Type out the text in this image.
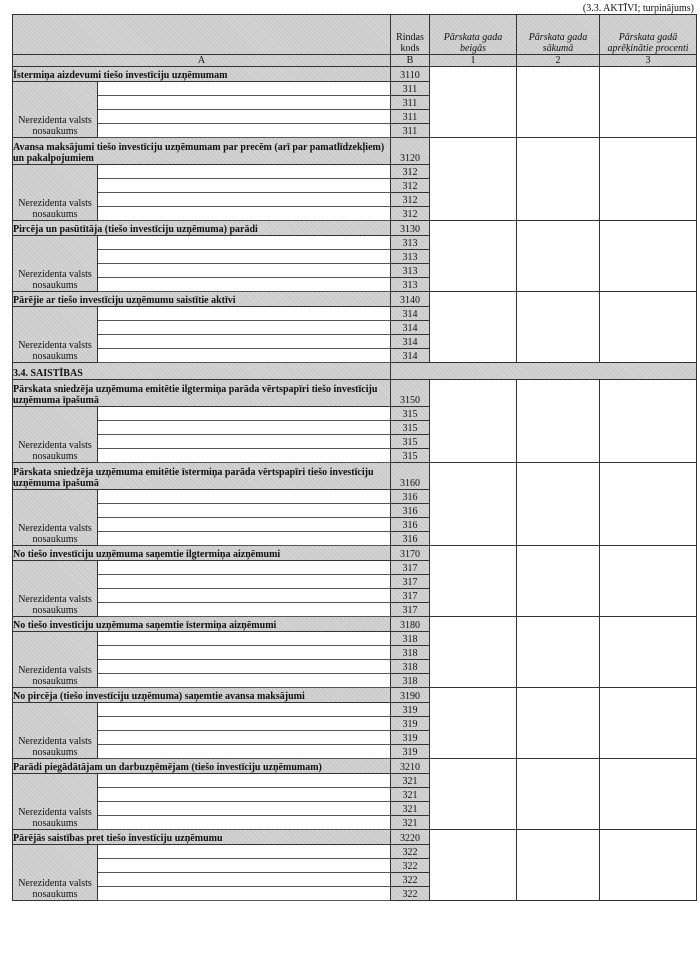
(3.3. AKTĪVI; turpinājums)
		Rindas kods	Pārskata gada beigās	Pārskata gada sākumā	Pārskata gadā aprēķinātie procenti
A		B	1	2	3
Īstermiņa aizdevumi tiešo investīciju uzņēmumam		3110			
Nerezidenta valsts nosaukums		311			
		311			
		311			
		311			
Avansa maksājumi tiešo investīciju uzņēmumam par precēm (arī par pamatlīdzekļiem) un pakalpojumiem		3120			
Nerezidenta valsts nosaukums		312			
		312			
		312			
		312			
Pircēja un pasūtītāja (tiešo investīciju uzņēmuma) parādi		3130			
Nerezidenta valsts nosaukums		313			
		313			
		313			
		313			
Pārējie ar tiešo investīciju uzņēmumu saistītie aktīvi		3140			
Nerezidenta valsts nosaukums		314			
		314			
		314			
		314			
3.4. SAISTĪBAS					
Pārskata sniedzēja uzņēmuma emitētie ilgtermiņa parāda vērtspapīri tiešo investīciju uzņēmuma īpašumā		3150			
Nerezidenta valsts nosaukums		315			
		315			
		315			
		315			
Pārskata sniedzēja uzņēmuma emitētie īstermiņa parāda vērtspapīri tiešo investīciju uzņēmuma īpašumā		3160			
Nerezidenta valsts nosaukums		316			
		316			
		316			
		316			
No tiešo investīciju uzņēmuma saņemtie ilgtermiņa aizņēmumi		3170			
Nerezidenta valsts nosaukums		317			
		317			
		317			
		317			
No tiešo investīciju uzņēmuma saņemtie īstermiņa aizņēmumi		3180			
Nerezidenta valsts nosaukums		318			
		318			
		318			
		318			
No pircēja (tiešo investīciju uzņēmuma) saņemtie avansa maksājumi		3190			
Nerezidenta valsts nosaukums		319			
		319			
		319			
		319			
Parādi piegādātājam un darbuzņēmējam (tiešo investīciju uzņēmumam)		3210			
Nerezidenta valsts nosaukums		321			
		321			
		321			
		321			
Pārējās saistības pret tiešo investīciju uzņēmumu		3220			
Nerezidenta valsts nosaukums		322			
		322			
		322			
		322			
